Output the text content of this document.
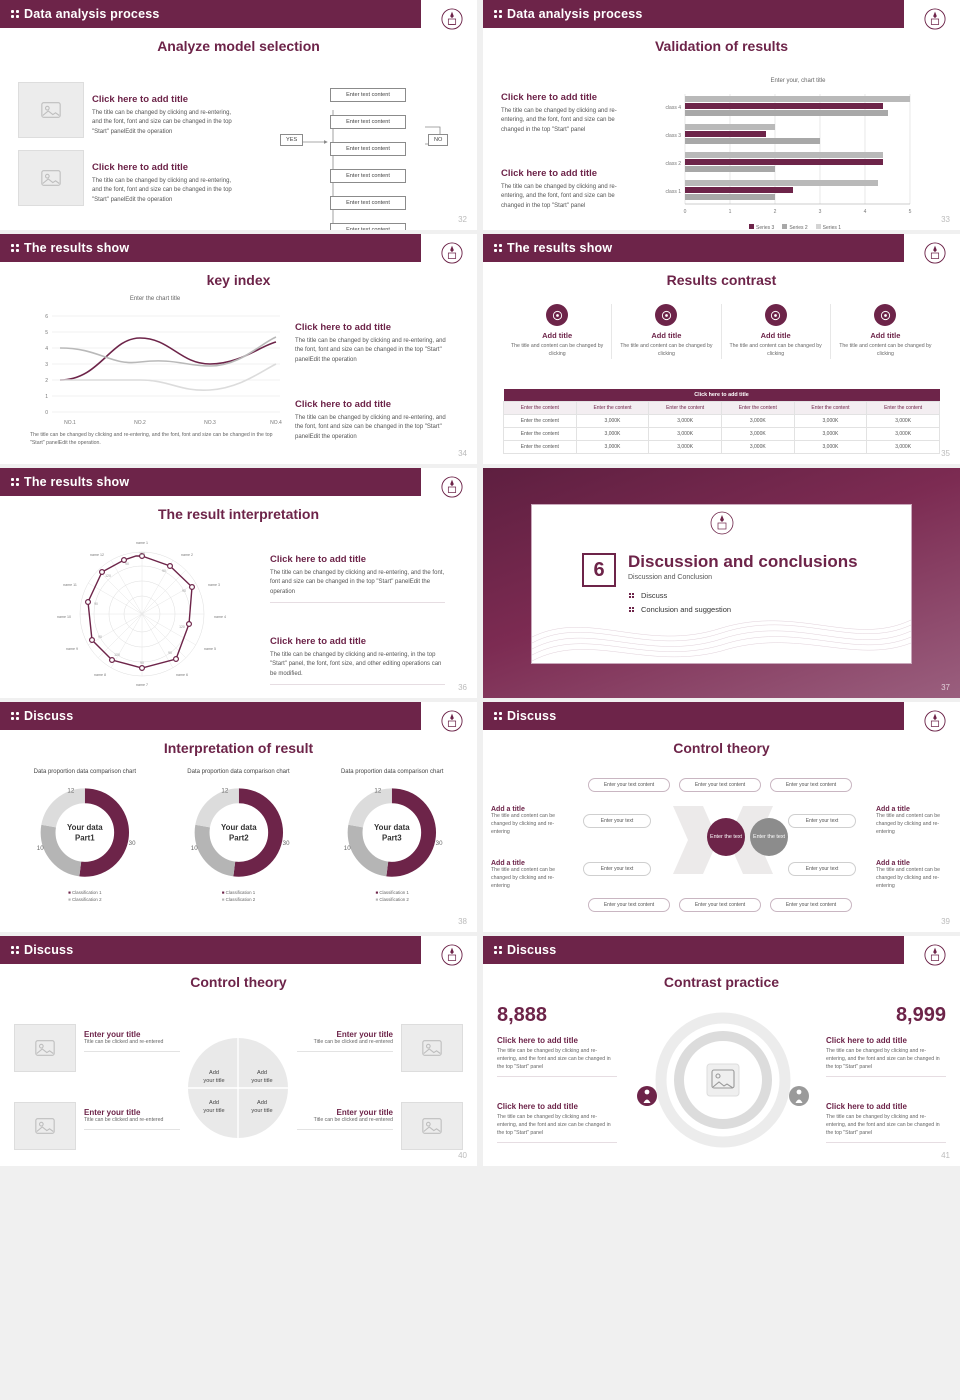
Data analysis process
Analyze model selection
Click here to add title
The title can be changed by clicking and re-entering, and the font, font and size can be changed in the top "Start" panelEdit the operation
Click here to add title
The title can be changed by clicking and re-entering, and the font, font and size can be changed in the top "Start" panelEdit the operation
YES	NO
Enter text content
Enter text content
Enter text content
Enter text content
Enter text content
Enter text content
32
Data analysis process
Validation of results
Click here to add title
The title can be changed by clicking and re-entering, and the font, font and size can be changed in the top "Start" panel
Click here to add title
The title can be changed by clicking and re-entering, and the font, font and size can be changed in the top "Start" panel
Enter your, chart title
0	1	2	3	4	5
class 4
class 3
class 2
class 1
Series 3	Series 2	Series 1
33
The results show
key index
Enter the chart title
6
5
4
3
2
1
0
NO.1	NO.2	NO.3	NO.4
The title can be changed by clicking and re-entering, and the font, font and size can be changed in the top "Start" panelEdit the operation.
Click here to add title
The title can be changed by clicking and re-entering, and the font, font and size can be changed in the top "Start" panelEdit the operation
Click here to add title
The title can be changed by clicking and re-entering, and the font, font and size can be changed in the top "Start" panelEdit the operation
34
The results show
Results contrast
Add title
The title and content can be changed by clicking
Add title
The title and content can be changed by clicking
Add title
The title and content can be changed by clicking
Add title
The title and content can be changed by clicking
Click here to add title					
Enter the content	Enter the content	Enter the content	Enter the content	Enter the content	Enter the content
Enter the content	3,000K	3,000K	3,000K	3,000K	3,000K
Enter the content	3,000K	3,000K	3,000K	3,000K	3,000K
Enter the content	3,000K	3,000K	3,000K	3,000K	3,000K
35
The results show
The result interpretation
name 1
name 2
name 3
name 4
name 5
name 6
name 7
name 8
name 9
name 10
name 11
name 12	120
90
90
120
90
90
120
90
90
120
90	Click here to add title
The title can be changed by clicking and re-entering, and the font, font and size can be changed in the top "Start" panelEdit the operation
Click here to add title
The title can be changed by clicking and re-entering, in the top "Start" panel, the font, font size, and other editing operations can be modified.
36
6	Discussion and conclusions
Discussion and Conclusion
Discuss
Conclusion and suggestion
37
Discuss
Interpretation of result
Data proportion data comparison chart
Your data
Part1
12
30
10
■ Classification 1
■ Classification 2
Data proportion data comparison chart
Your data
Part2
12
30
10
■ Classification 1
■ Classification 2
Data proportion data comparison chart
Your data
Part3
12
30
10
■ Classification 1
■ Classification 2
38
Discuss
Control theory
Enter your text content	Enter your text content	Enter your text content
Enter your text content	Enter your text content	Enter your text content
Enter your text
Enter your text
Enter your text
Enter your text
Enter the text	Enter the text
Add a title
The title and content can be changed by clicking and re-entering
Add a title
The title and content can be changed by clicking and re-entering
Add a title
The title and content can be changed by clicking and re-entering
Add a title
The title and content can be changed by clicking and re-entering
39
Discuss
Control theory
Enter your title
Title can be clicked and re-entered
Enter your title
Title can be clicked and re-entered
Enter your title
Title can be clicked and re-entered
Enter your title
Title can be clicked and re-entered
Add
your title
Add
your title
Add
your title
Add
your title
40
Discuss
Contrast practice
8,888
Click here to add title
The title can be changed by clicking and re-entering, and the font and size can be changed in the top "Start" panel
Click here to add title
The title can be changed by clicking and re-entering, and the font and size can be changed in the top "Start" panel
8,999
Click here to add title
The title can be changed by clicking and re-entering, and the font and size can be changed in the top "Start" panel
Click here to add title
The title can be changed by clicking and re-entering, and the font and size can be changed in the top "Start" panel
41
